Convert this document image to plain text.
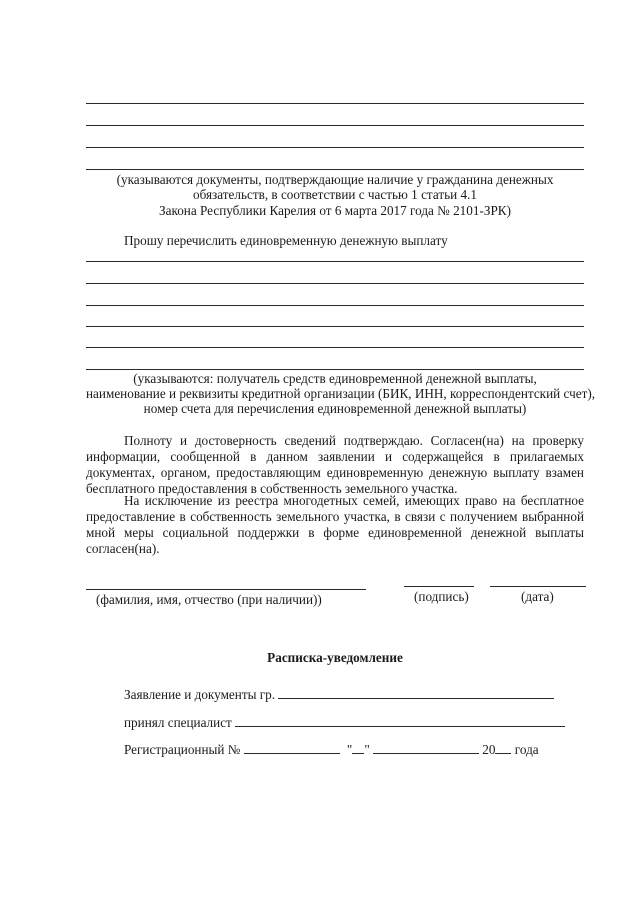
(указываются документы, подтверждающие наличие у гражданина денежных
обязательств, в соответствии с частью 1 статьи 4.1
Закона Республики Карелия от 6 марта 2017 года № 2101-ЗРК)
Прошу перечислить единовременную денежную выплату
(указываются: получатель средств единовременной денежной выплаты,
наименование и реквизиты кредитной организации (БИК, ИНН, корреспондентский счет),
номер счета для перечисления единовременной денежной выплаты)
Полноту и достоверность сведений подтверждаю. Согласен(на) на проверку информации, сообщенной в данном заявлении и содержащейся в прилагаемых документах, органом, предоставляющим единовременную денежную выплату взамен бесплатного предоставления в собственность земельного участка.
На исключение из реестра многодетных семей, имеющих право на бесплатное предоставление в собственность земельного участка, в связи с получением выбранной мной меры социальной поддержки в форме единовременной денежной выплаты согласен(на).
(фамилия, имя, отчество (при наличии))	(подпись)	(дата)
Расписка-уведомление
Заявление и документы гр.
принял специалист
Регистрационный №	" "	20 года
